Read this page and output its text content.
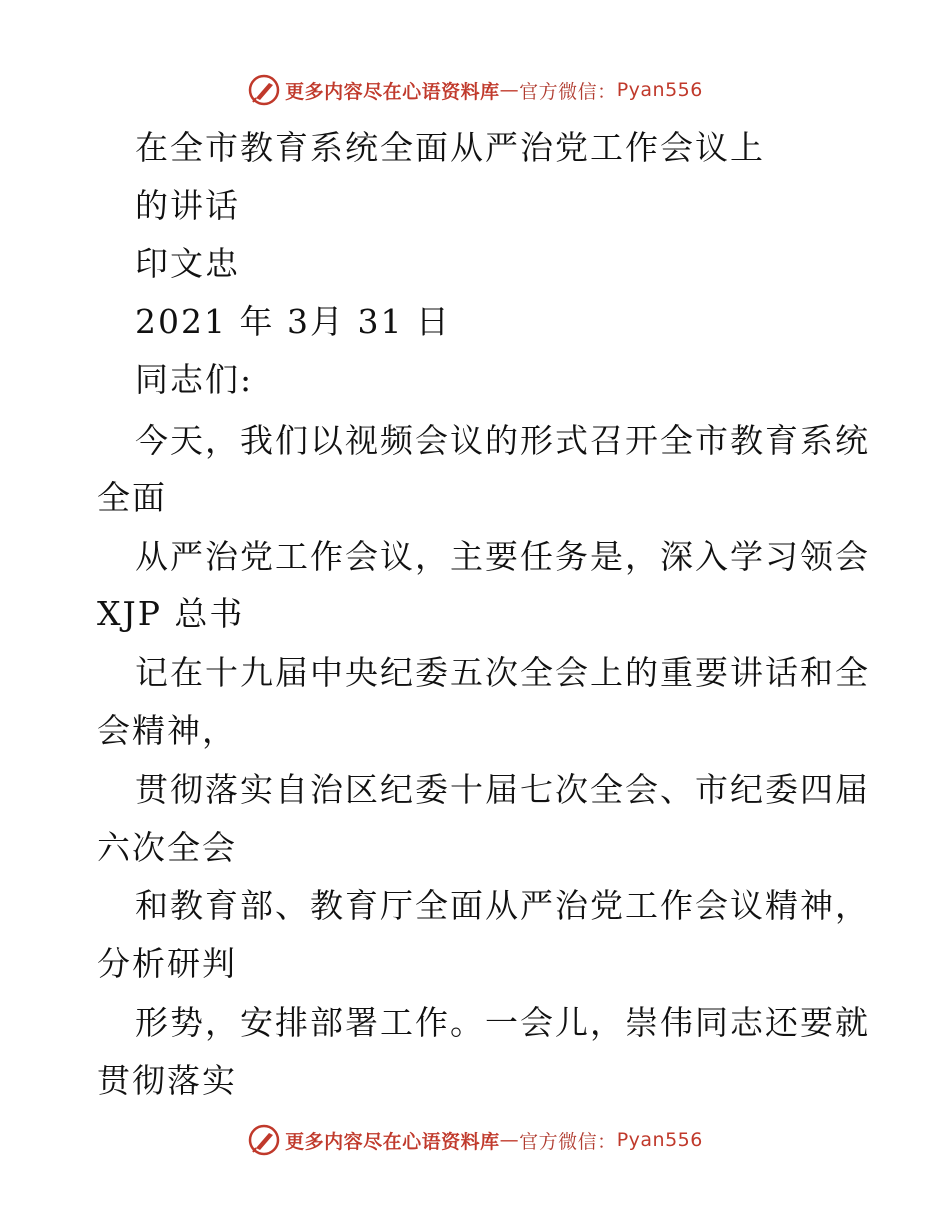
更多内容尽在心语资料库 — 官方微信： Pyan556
在全市教育系统全面从严治党工作会议上
的讲话
印文忠
2021 年 3月 31 日
同志们:
今天，我们以视频会议的形式召开全市教育系统
全面
从严治党工作会议，主要任务是，深入学习领会
XJP 总书
记在十九届中央纪委五次全会上的重要讲话和全
会精神，
贯彻落实自治区纪委十届七次全会、市纪委四届
六次全会
和教育部、教育厅全面从严治党工作会议精神，
分析研判
形势，安排部署工作。一会儿，崇伟同志还要就
贯彻落实
更多内容尽在心语资料库 — 官方微信： Pyan556
